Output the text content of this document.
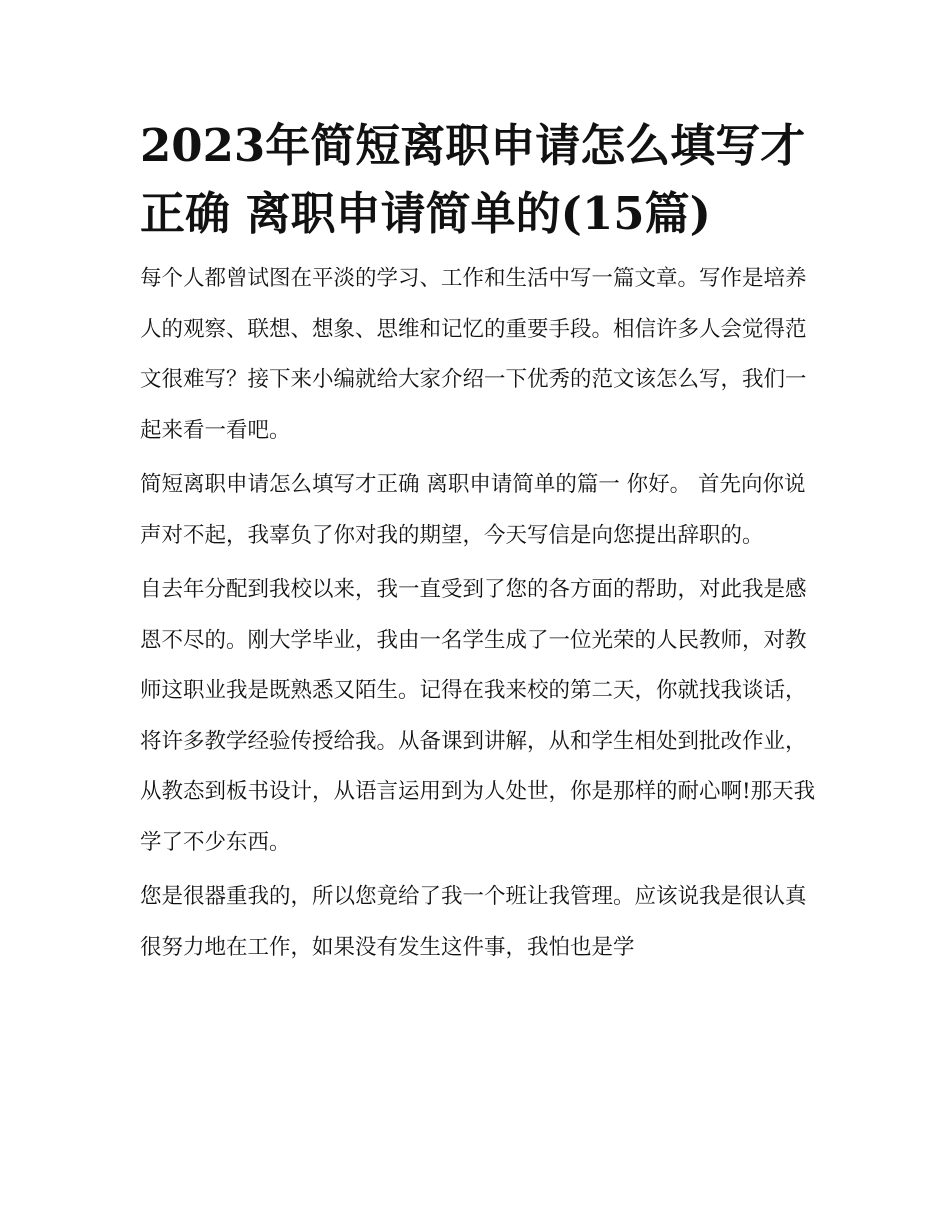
2023年简短离职申请怎么填写才正确 离职申请简单的(15篇)

每个人都曾试图在平淡的学习、工作和生活中写一篇文章。写作是培养人的观察、联想、想象、思维和记忆的重要手段。相信许多人会觉得范文很难写？接下来小编就给大家介绍一下优秀的范文该怎么写，我们一起来看一看吧。

简短离职申请怎么填写才正确 离职申请简单的篇一 你好。 首先向你说声对不起，我辜负了你对我的期望，今天写信是向您提出辞职的。

自去年分配到我校以来，我一直受到了您的各方面的帮助，对此我是感恩不尽的。刚大学毕业，我由一名学生成了一位光荣的人民教师，对教师这职业我是既熟悉又陌生。记得在我来校的第二天，你就找我谈话，将许多教学经验传授给我。从备课到讲解，从和学生相处到批改作业，从教态到板书设计，从语言运用到为人处世，你是那样的耐心啊!那天我学了不少东西。

您是很器重我的，所以您竟给了我一个班让我管理。应该说我是很认真很努力地在工作，如果没有发生这件事，我怕也是学
